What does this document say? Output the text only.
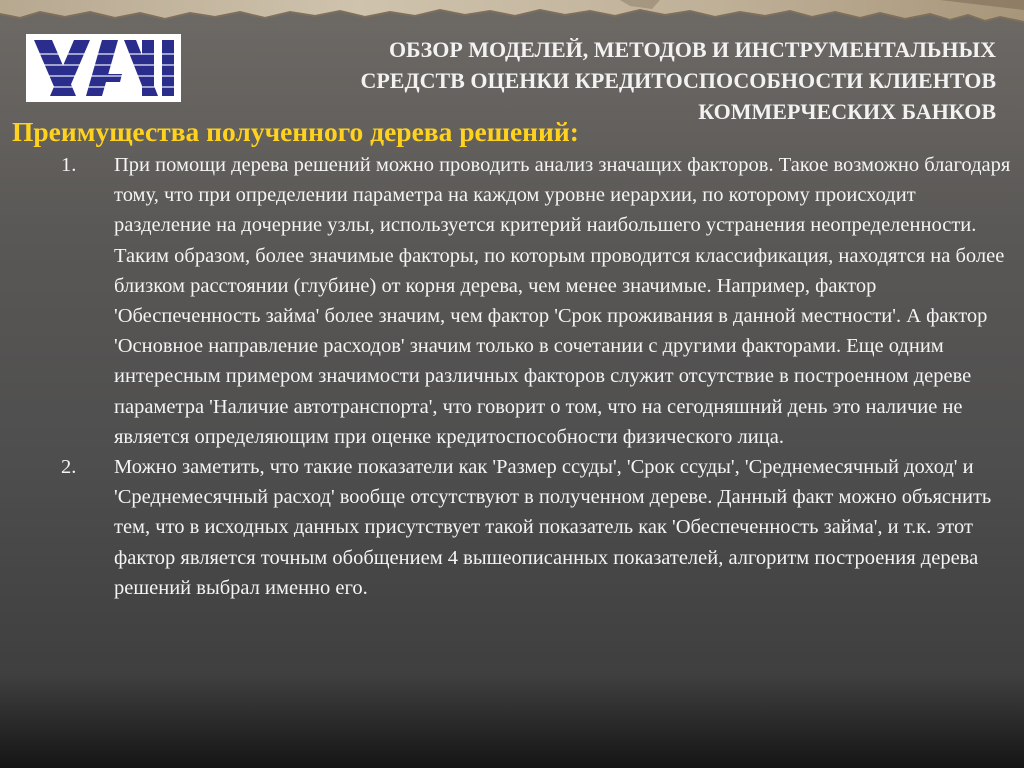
ОБЗОР МОДЕЛЕЙ, МЕТОДОВ И ИНСТРУМЕНТАЛЬНЫХ
СРЕДСТВ ОЦЕНКИ КРЕДИТОСПОСОБНОСТИ КЛИЕНТОВ
КОММЕРЧЕСКИХ БАНКОВ
Преимущества полученного дерева решений:
1. При помощи дерева решений можно проводить анализ значащих факторов. Такое возможно благодаря тому, что при определении параметра на каждом уровне иерархии, по которому происходит разделение на дочерние узлы, используется критерий наибольшего устранения неопределенности. Таким образом, более значимые факторы, по которым проводится классификация, находятся на более близком расстоянии (глубине) от корня дерева, чем менее значимые. Например, фактор 'Обеспеченность займа' более значим, чем фактор 'Срок проживания в данной местности'. А фактор 'Основное направление расходов' значим только в сочетании с другими факторами. Еще одним интересным примером значимости различных факторов служит отсутствие в построенном дереве параметра 'Наличие автотранспорта', что говорит о том, что на сегодняшний день это наличие не является определяющим при оценке кредитоспособности физического лица.
2. Можно заметить, что такие показатели как 'Размер ссуды', 'Срок ссуды', 'Среднемесячный доход' и 'Среднемесячный расход' вообще отсутствуют в полученном дереве. Данный факт можно объяснить тем, что в исходных данных присутствует такой показатель как 'Обеспеченность займа', и т.к. этот фактор является точным обобщением 4 вышеописанных показателей, алгоритм построения дерева решений выбрал именно его.
